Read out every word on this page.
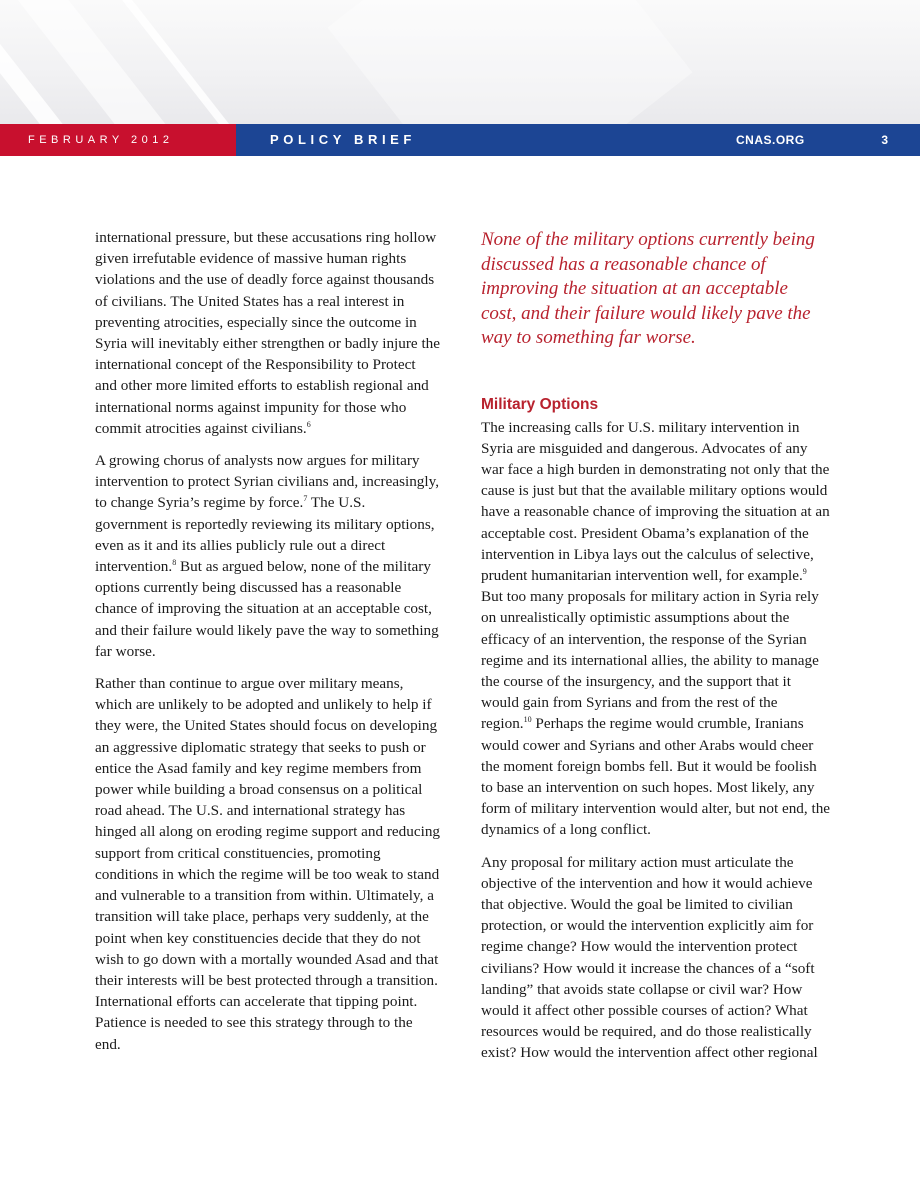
FEBRUARY 2012	POLICY BRIEF	CNAS.ORG	3

international pressure, but these accusations ring hollow given irrefutable evidence of massive human rights violations and the use of deadly force against thousands of civilians. The United States has a real interest in preventing atrocities, especially since the outcome in Syria will inevitably either strengthen or badly injure the international concept of the Responsibility to Protect and other more limited efforts to establish regional and international norms against impunity for those who commit atrocities against civilians.$^6$

A growing chorus of analysts now argues for military intervention to protect Syrian civilians and, increasingly, to change Syria’s regime by force.$^7$ The U.S. government is reportedly reviewing its military options, even as it and its allies publicly rule out a direct intervention.$^8$ But as argued below, none of the military options currently being discussed has a reasonable chance of improving the situation at an acceptable cost, and their failure would likely pave the way to something far worse.

Rather than continue to argue over military means, which are unlikely to be adopted and unlikely to help if they were, the United States should focus on developing an aggressive diplomatic strategy that seeks to push or entice the Asad family and key regime members from power while building a broad consensus on a political road ahead. The U.S. and international strategy has hinged all along on eroding regime support and reducing support from critical constituencies, promoting conditions in which the regime will be too weak to stand and vulnerable to a transition from within. Ultimately, a transition will take place, perhaps very suddenly, at the point when key constituencies decide that they do not wish to go down with a mortally wounded Asad and that their interests will be best protected through a transition. International efforts can accelerate that tipping point. Patience is needed to see this strategy through to the end.

None of the military options currently being discussed has a reasonable chance of improving the situation at an acceptable cost, and their failure would likely pave the way to something far worse.
Military Options

The increasing calls for U.S. military intervention in Syria are misguided and dangerous. Advocates of any war face a high burden in demonstrating not only that the cause is just but that the available military options would have a reasonable chance of improving the situation at an acceptable cost. President Obama’s explanation of the intervention in Libya lays out the calculus of selective, prudent humanitarian intervention well, for example.$^9$ But too many proposals for military action in Syria rely on unrealistically optimistic assumptions about the efficacy of an intervention, the response of the Syrian regime and its international allies, the ability to manage the course of the insurgency, and the support that it would gain from Syrians and from the rest of the region.$^{10}$ Perhaps the regime would crumble, Iranians would cower and Syrians and other Arabs would cheer the moment foreign bombs fell. But it would be foolish to base an intervention on such hopes. Most likely, any form of military intervention would alter, but not end, the dynamics of a long conflict.

Any proposal for military action must articulate the objective of the intervention and how it would achieve that objective. Would the goal be limited to civilian protection, or would the intervention explicitly aim for regime change? How would the intervention protect civilians? How would it increase the chances of a “soft landing” that avoids state collapse or civil war? How would it affect other possible courses of action? What resources would be required, and do those realistically exist? How would the intervention affect other regional
